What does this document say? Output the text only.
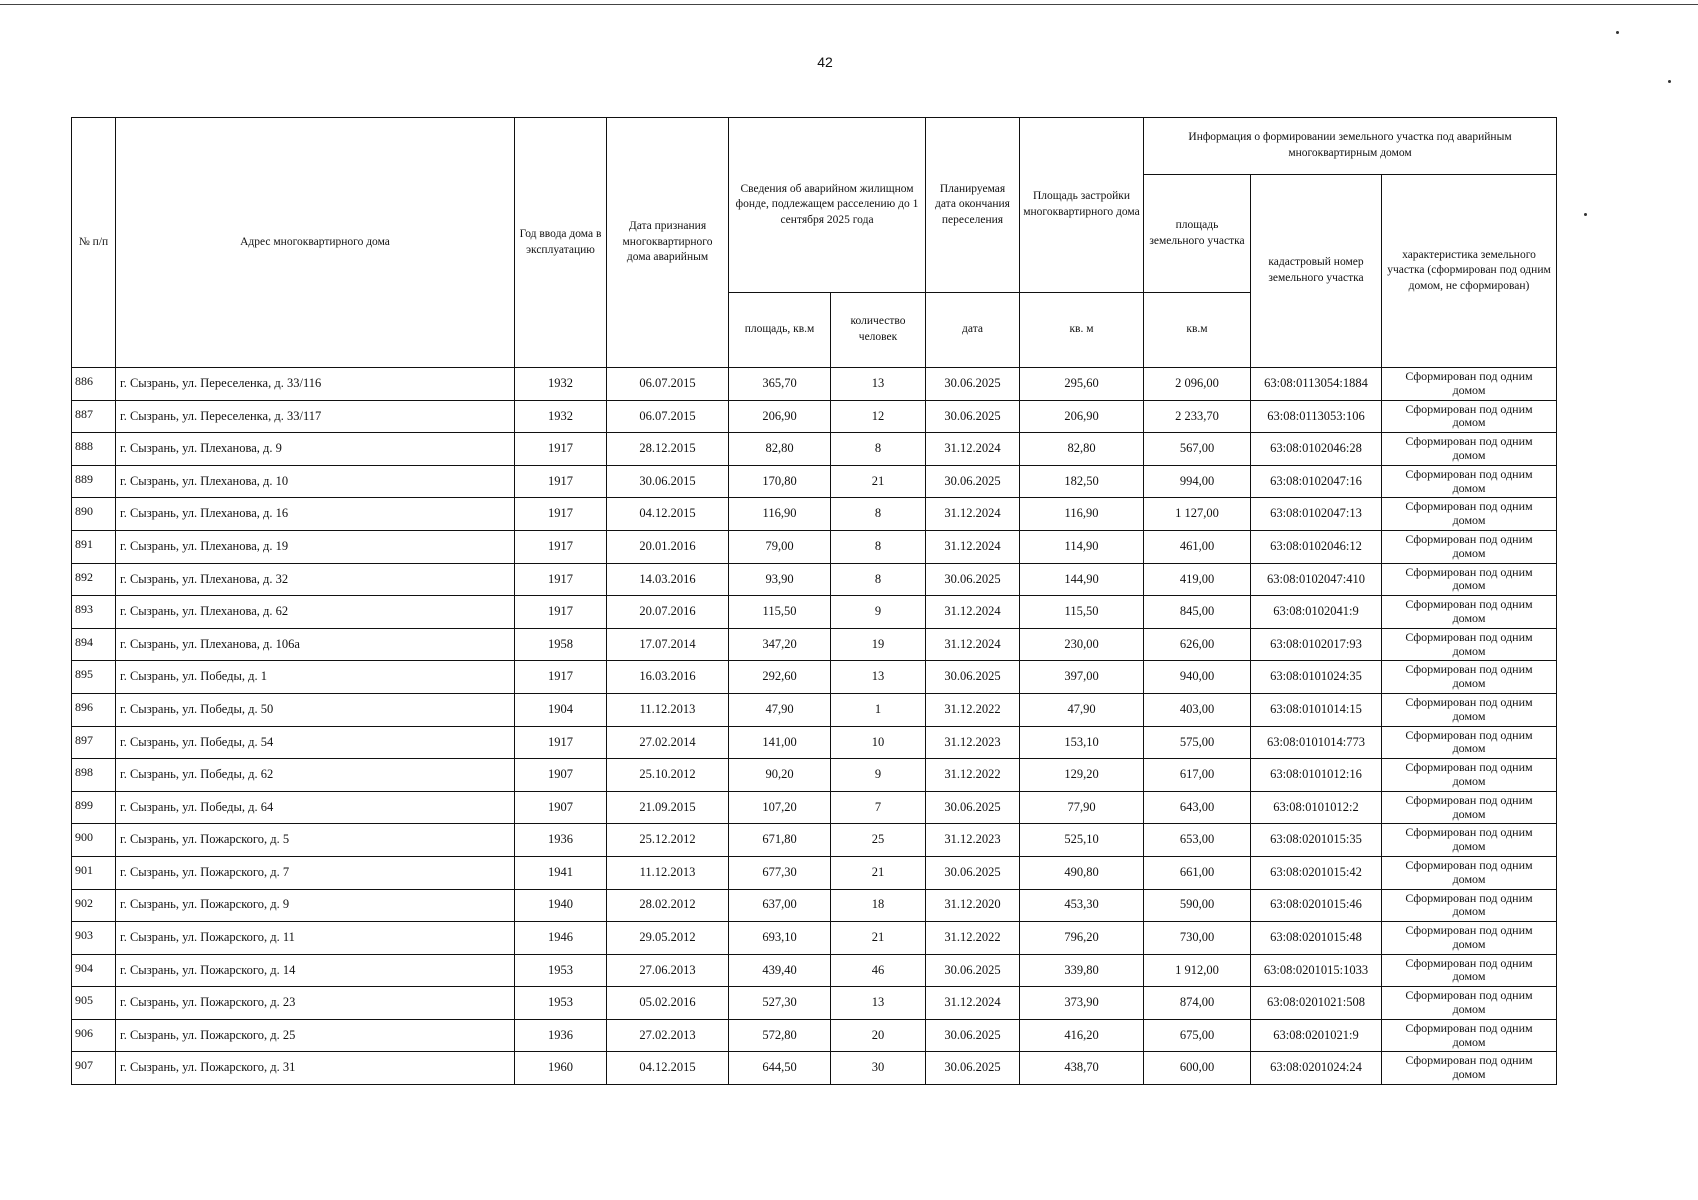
42
№ п/п	Адрес многоквартирного дома	Год ввода дома в эксплуатацию	Дата признания многоквартирного дома аварийным	Сведения об аварийном жилищном фонде, подлежащем расселению до 1 сентября 2025 года		Планируемая дата окончания переселения	Площадь застройки многоквартирного дома	Информация о формировании земельного участка под аварийным многоквартирным домом		
								площадь земельного участка	кадастровый номер земельного участка	характеристика земельного участка (сформирован под одним домом, не сформирован)
				площадь, кв.м	количество человек	дата	кв. м	кв.м		
886	г. Сызрань, ул. Переселенка, д. 33/116	1932	06.07.2015	365,70	13	30.06.2025	295,60	2 096,00	63:08:0113054:1884	Сформирован под одним
домом

887	г. Сызрань, ул. Переселенка, д. 33/117	1932	06.07.2015	206,90	12	30.06.2025	206,90	2 233,70	63:08:0113053:106	Сформирован под одним
домом

888	г. Сызрань, ул. Плеханова, д. 9	1917	28.12.2015	82,80	8	31.12.2024	82,80	567,00	63:08:0102046:28	Сформирован под одним
домом

889	г. Сызрань, ул. Плеханова, д. 10	1917	30.06.2015	170,80	21	30.06.2025	182,50	994,00	63:08:0102047:16	Сформирован под одним
домом

890	г. Сызрань, ул. Плеханова, д. 16	1917	04.12.2015	116,90	8	31.12.2024	116,90	1 127,00	63:08:0102047:13	Сформирован под одним
домом

891	г. Сызрань, ул. Плеханова, д. 19	1917	20.01.2016	79,00	8	31.12.2024	114,90	461,00	63:08:0102046:12	Сформирован под одним
домом

892	г. Сызрань, ул. Плеханова, д. 32	1917	14.03.2016	93,90	8	30.06.2025	144,90	419,00	63:08:0102047:410	Сформирован под одним
домом

893	г. Сызрань, ул. Плеханова, д. 62	1917	20.07.2016	115,50	9	31.12.2024	115,50	845,00	63:08:0102041:9	Сформирован под одним
домом

894	г. Сызрань, ул. Плеханова, д. 106а	1958	17.07.2014	347,20	19	31.12.2024	230,00	626,00	63:08:0102017:93	Сформирован под одним
домом

895	г. Сызрань, ул. Победы, д. 1	1917	16.03.2016	292,60	13	30.06.2025	397,00	940,00	63:08:0101024:35	Сформирован под одним
домом

896	г. Сызрань, ул. Победы, д. 50	1904	11.12.2013	47,90	1	31.12.2022	47,90	403,00	63:08:0101014:15	Сформирован под одним
домом

897	г. Сызрань, ул. Победы, д. 54	1917	27.02.2014	141,00	10	31.12.2023	153,10	575,00	63:08:0101014:773	Сформирован под одним
домом

898	г. Сызрань, ул. Победы, д. 62	1907	25.10.2012	90,20	9	31.12.2022	129,20	617,00	63:08:0101012:16	Сформирован под одним
домом

899	г. Сызрань, ул. Победы, д. 64	1907	21.09.2015	107,20	7	30.06.2025	77,90	643,00	63:08:0101012:2	Сформирован под одним
домом

900	г. Сызрань, ул. Пожарского, д. 5	1936	25.12.2012	671,80	25	31.12.2023	525,10	653,00	63:08:0201015:35	Сформирован под одним
домом

901	г. Сызрань, ул. Пожарского, д. 7	1941	11.12.2013	677,30	21	30.06.2025	490,80	661,00	63:08:0201015:42	Сформирован под одним
домом

902	г. Сызрань, ул. Пожарского, д. 9	1940	28.02.2012	637,00	18	31.12.2020	453,30	590,00	63:08:0201015:46	Сформирован под одним
домом

903	г. Сызрань, ул. Пожарского, д. 11	1946	29.05.2012	693,10	21	31.12.2022	796,20	730,00	63:08:0201015:48	Сформирован под одним
домом

904	г. Сызрань, ул. Пожарского, д. 14	1953	27.06.2013	439,40	46	30.06.2025	339,80	1 912,00	63:08:0201015:1033	Сформирован под одним
домом

905	г. Сызрань, ул. Пожарского, д. 23	1953	05.02.2016	527,30	13	31.12.2024	373,90	874,00	63:08:0201021:508	Сформирован под одним
домом

906	г. Сызрань, ул. Пожарского, д. 25	1936	27.02.2013	572,80	20	30.06.2025	416,20	675,00	63:08:0201021:9	Сформирован под одним
домом

907	г. Сызрань, ул. Пожарского, д. 31	1960	04.12.2015	644,50	30	30.06.2025	438,70	600,00	63:08:0201024:24	Сформирован под одним
домом
